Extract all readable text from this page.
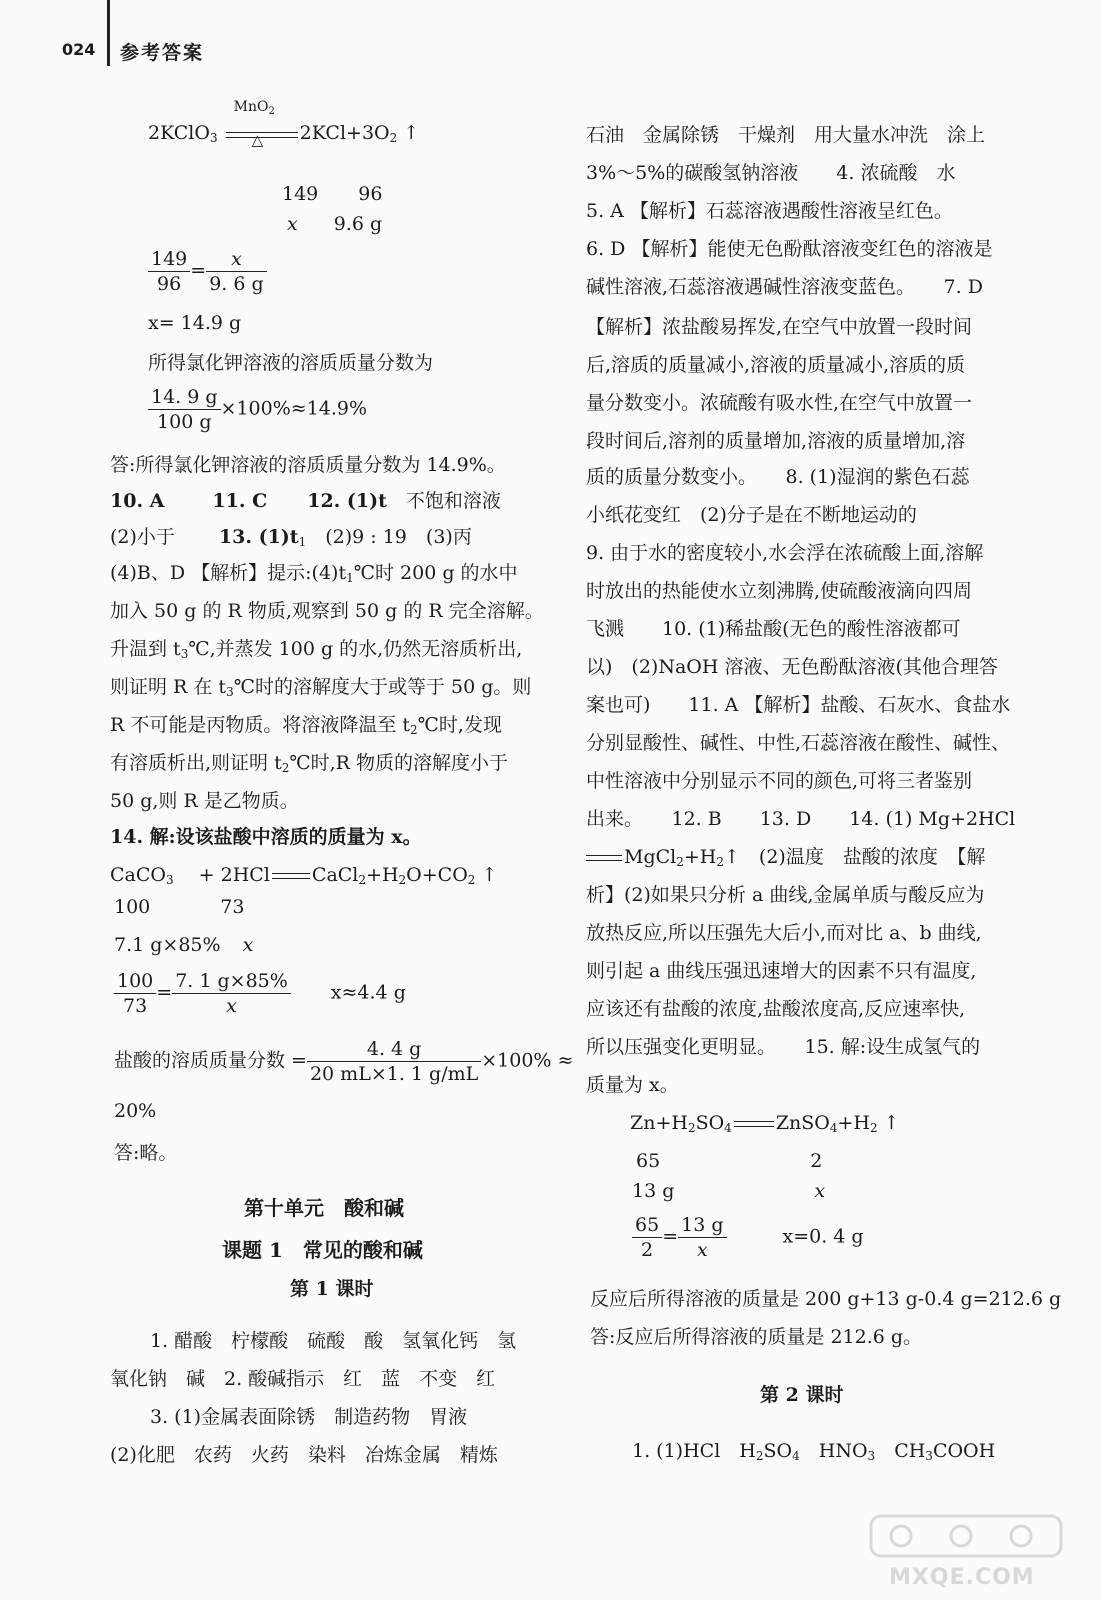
024 参考答案
2KClO$_3$
MnO$_2$
△ $2KCl+3O_2$ ↑
149 96
x 9.6 g
$\frac{149}{96} = \frac{x}{9. 6 g}$
x= 14.9 g
所得氯化钾溶液的溶质质量分数为
$\frac{14. 9 g}{100 g} \times 100\%\approx 14.9\%$
答:所得氯化钾溶液的溶质质量分数为 14.9%。
10. A	11. C 12. (1)t　 不饱和溶液
(2)小于 13. $(1)t_1$　 (2)9 : 19　 (3)丙
(4)B、D 【解析】提示$:(4)t_1℃$时 200 g 的水中
加入 50 g 的 R 物质,观察到 50 g 的 R 完全溶解。
升温到 $t_3℃$,并蒸发 100 g 的水,仍然无溶质析出,
则证明 R 在 $t_3℃$时的溶解度大于或等于 50 g。则
R 不可能是丙物质。将溶液降温至 $t_2℃$时,发现
有溶质析出,则证明 $t_2℃$时,R 物质的溶解度小于
50 g,则 R 是乙物质。
14. 解:设该盐酸中溶质的质量为 x。
CaCO$_3$　 + 2HCl $CaCl_2+H_2O+CO_2$ ↑
100	73
7.1 g×85% x
$\frac{100}{73} = \frac{7. 1 g\times 85\%}{x} x\approx 4.4$ g
盐酸的溶质质量分数 = $\frac{4. 4 g}{20 mL\times 1. 1 g/mL} \times 100\%$ ≈
20%
答:略。
第十单元　酸和碱
课题 1　常见的酸和碱
第 1 课时
1. 醋酸　柠檬酸　硫酸　酸　氢氧化钙　氢
氧化钠　碱　2. 酸碱指示　红　蓝　不变　红
3. (1)金属表面除锈　制造药物　胃液
(2)化肥　农药　火药　染料　冶炼金属　精炼
石油　金属除锈　干燥剂　用大量水冲洗　涂上
3%～5%的碳酸氢钠溶液　　4. 浓硫酸　水
5. A 【解析】石蕊溶液遇酸性溶液呈红色。
6. D 【解析】能使无色酚酞溶液变红色的溶液是
碱性溶液,石蕊溶液遇碱性溶液变蓝色。　　7. D
【解析】浓盐酸易挥发,在空气中放置一段时间
后,溶质的质量减小,溶液的质量减小,溶质的质
量分数变小。浓硫酸有吸水性,在空气中放置一
段时间后,溶剂的质量增加,溶液的质量增加,溶
质的质量分数变小。　　8. (1)湿润的紫色石蕊
小纸花变红　(2)分子是在不断地运动的
9. 由于水的密度较小,水会浮在浓硫酸上面,溶解
时放出的热能使水立刻沸腾,使硫酸液滴向四周
飞溅　　10. (1)稀盐酸(无色的酸性溶液都可
以)　(2)NaOH 溶液、无色酚酞溶液(其他合理答
案也可)　　11. A 【解析】盐酸、石灰水、食盐水
分别显酸性、碱性、中性,石蕊溶液在酸性、碱性、
中性溶液中分别显示不同的颜色,可将三者鉴别
出来。　　12. B　　13. D　　14. (1) Mg+2HCl
$MgCl_2+H_2↑$　(2)温度　盐酸的浓度　【解
析】(2)如果只分析 a 曲线,金属单质与酸反应为
放热反应,所以压强先大后小,而对比 a、b 曲线,
则引起 a 曲线压强迅速增大的因素不只有温度,
应该还有盐酸的浓度,盐酸浓度高,反应速率快,
所以压强变化更明显。　　15. 解:设生成氢气的
质量为 x。
$Zn+H_2SO_4$ $ZnSO_4+H_2$ ↑
65	2
13 g	x
$\frac{65}{2} = \frac{13 g}{x}$	x=0. 4 g
反应后所得溶液的质量是 200 g+13 g-0.4 g=212.6 g
答:反应后所得溶液的质量是 212.6 g。
第 2 课时
1. (1)HCl　 $H_2SO_4$　 $HNO_3$　 $CH_3COOH$
MXQE.COM
